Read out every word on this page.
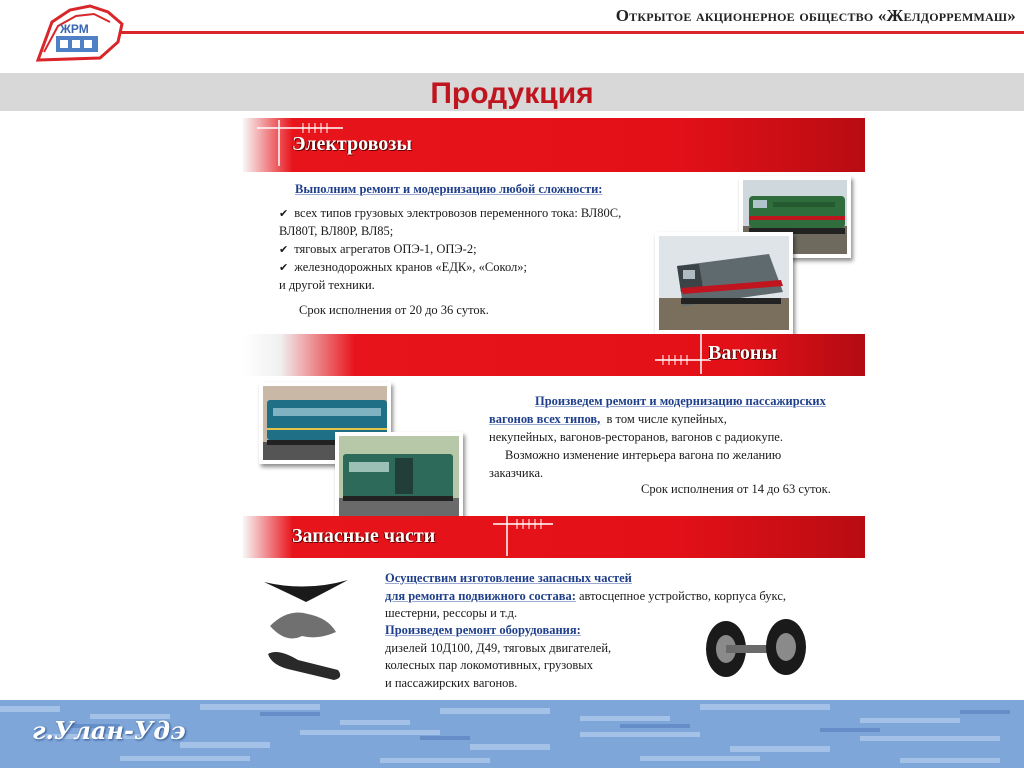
ЖРМ
Открытое акционерное общество «Желдорреммаш»
Продукция
Электровозы
Выполним ремонт и модернизацию любой сложности:
✔ всех типов грузовых электровозов переменного тока: ВЛ80С,
ВЛ80Т, ВЛ80Р, ВЛ85;
✔ тяговых агрегатов ОПЭ-1, ОПЭ-2;
✔ железнодорожных кранов «ЕДК», «Сокол»;
и другой техники.
Срок исполнения от 20 до 36 суток.
Вагоны
Произведем ремонт и модернизацию пассажирских
вагонов всех типов, в том числе купейных,
некупейных, вагонов-ресторанов, вагонов с радиокупе.
Возможно изменение интерьера вагона по желанию
заказчика.
Срок исполнения от 14 до 63 суток.
Запасные части
Осуществим изготовление запасных частей
для ремонта подвижного состава: автосцепное устройство, корпуса букс,
шестерни, рессоры и т.д.
Произведем ремонт оборудования:
дизелей 10Д100, Д49, тяговых двигателей,
колесных пар локомотивных, грузовых
и пассажирских вагонов.
г.Улан-Удэ
